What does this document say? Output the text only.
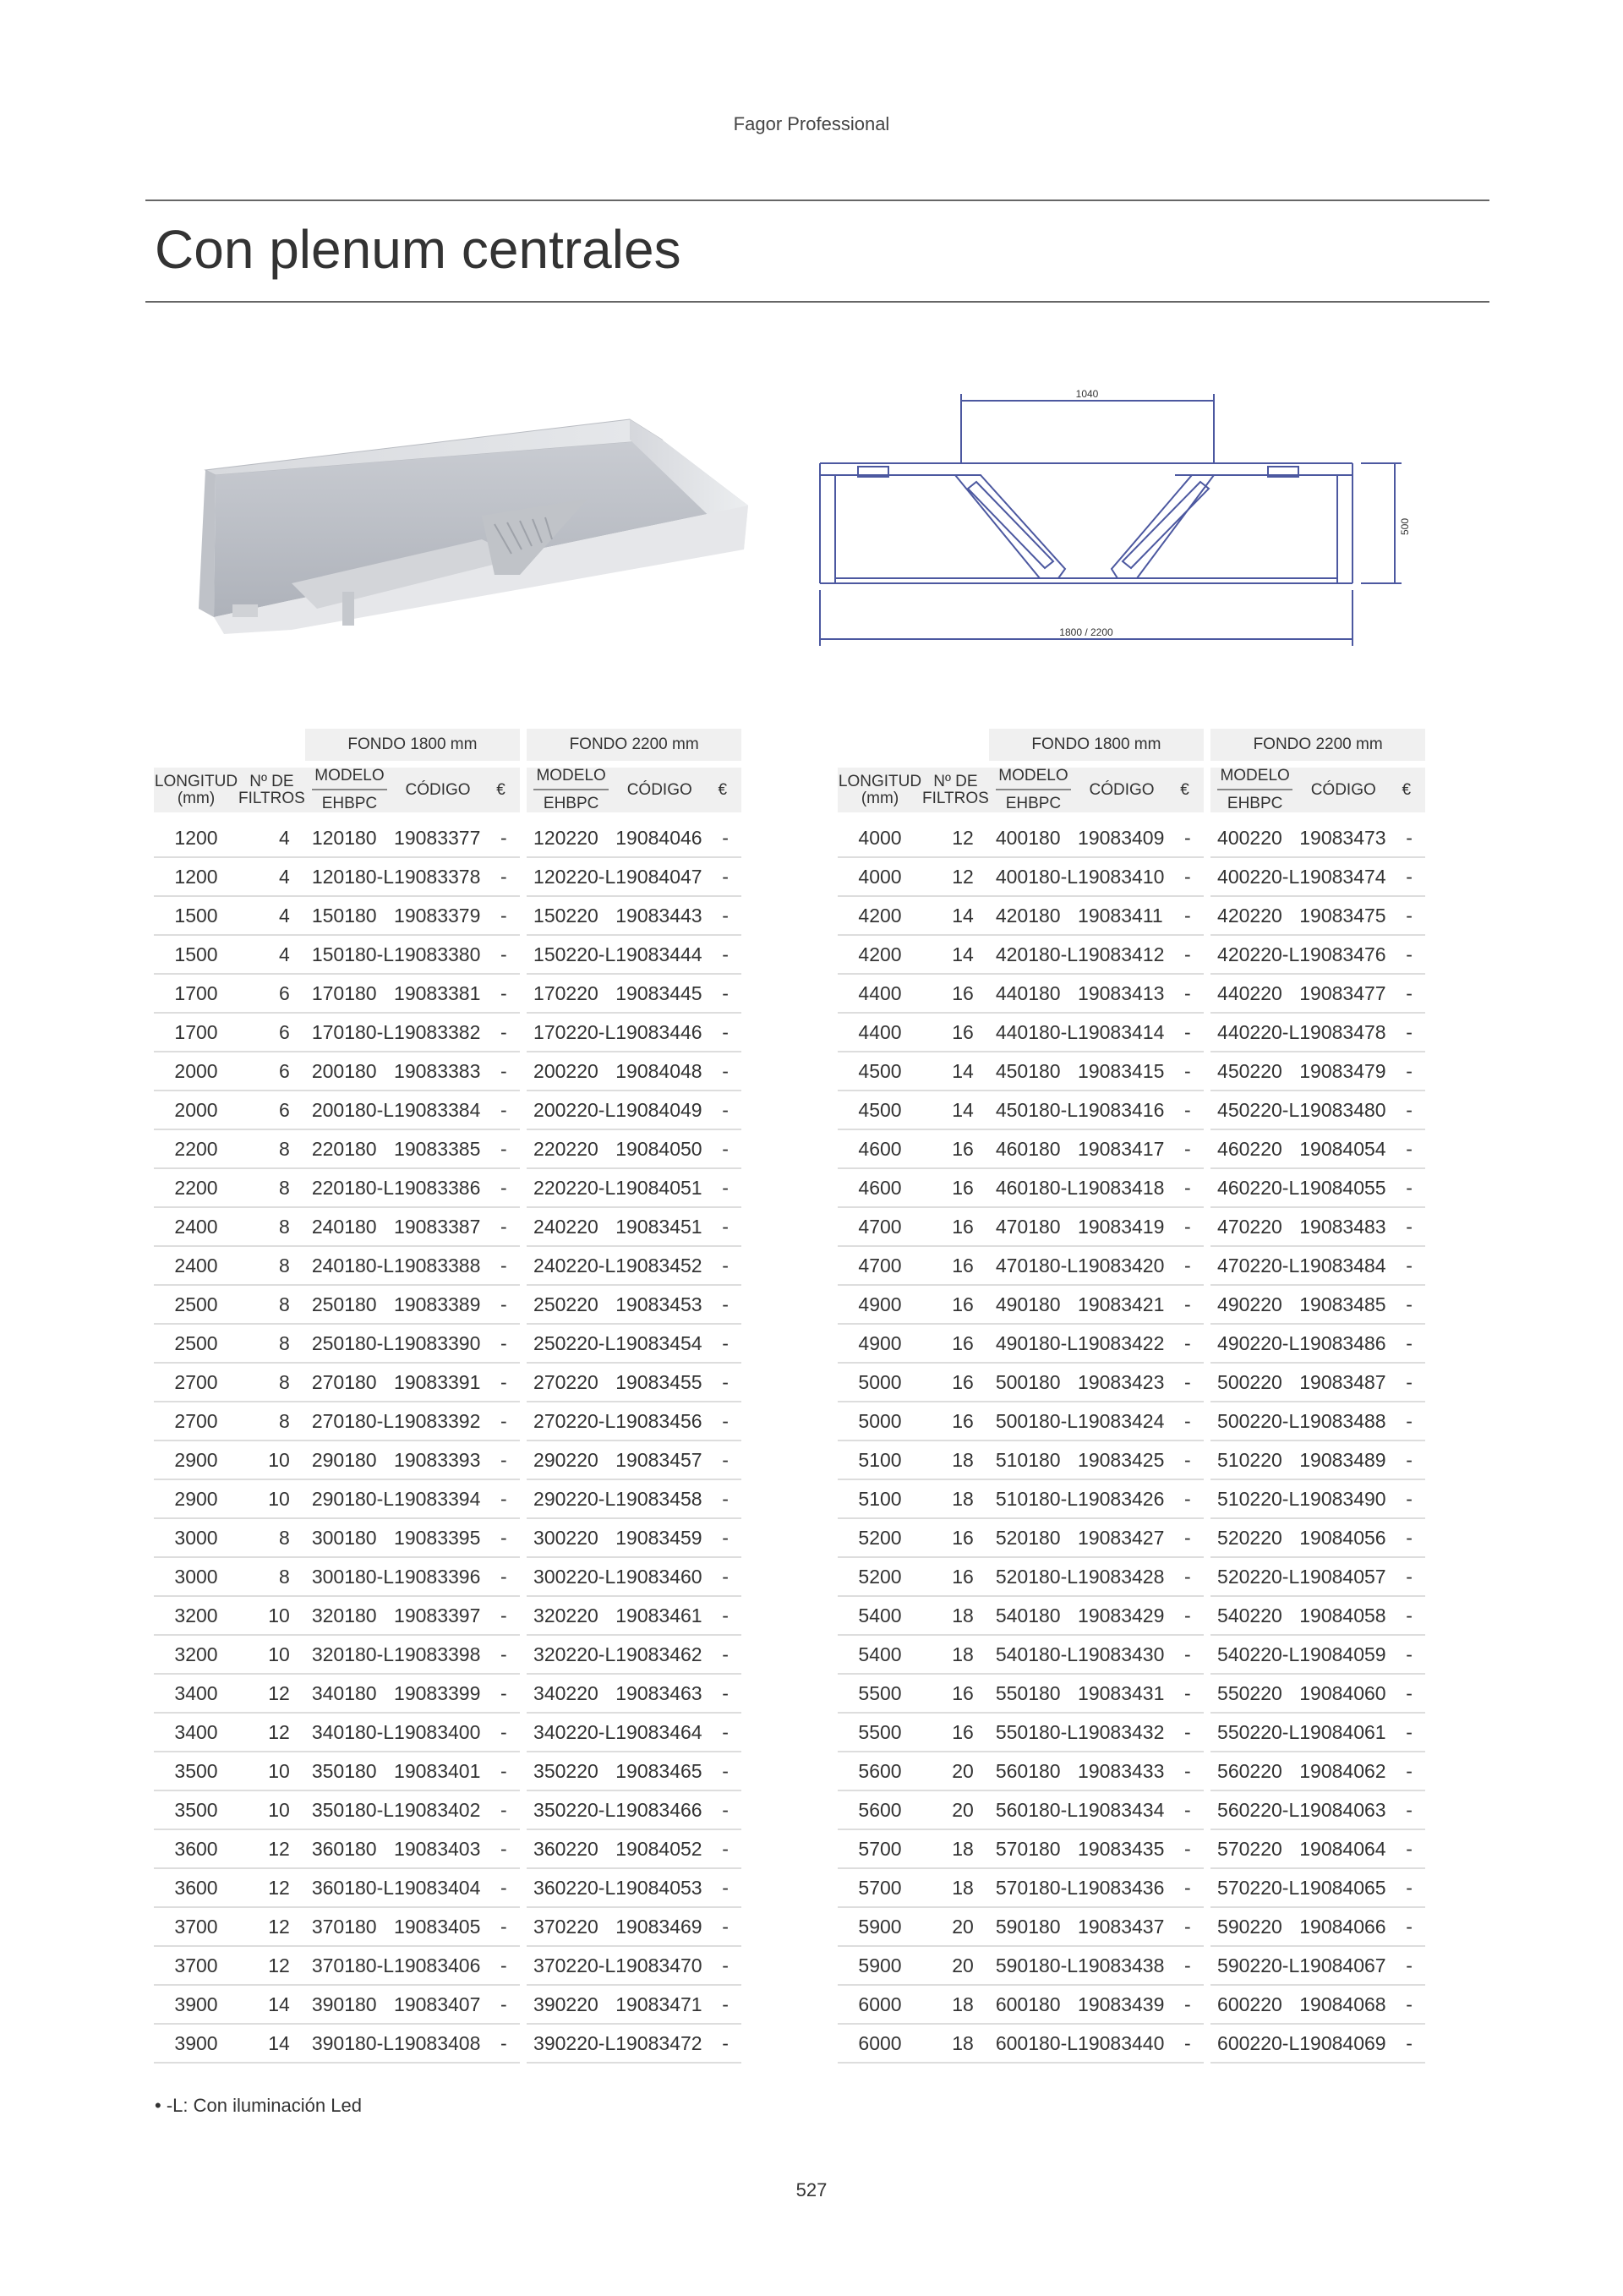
Fagor Professional
Con plenum centrales
1040
500
1800 / 2200
		FONDO 1800 mm				FONDO 2200 mm		

LONGITUD
(mm)	Nº DE
FILTROS	MODELO
EHBPC	CÓDIGO	€		MODELO
EHBPC	CÓDIGO	€

1200	4	120180	19083377	-		120220	19084046	-
1200	4	120180-L	19083378	-		120220-L	19084047	-
1500	4	150180	19083379	-		150220	19083443	-
1500	4	150180-L	19083380	-		150220-L	19083444	-
1700	6	170180	19083381	-		170220	19083445	-
1700	6	170180-L	19083382	-		170220-L	19083446	-
2000	6	200180	19083383	-		200220	19084048	-
2000	6	200180-L	19083384	-		200220-L	19084049	-
2200	8	220180	19083385	-		220220	19084050	-
2200	8	220180-L	19083386	-		220220-L	19084051	-
2400	8	240180	19083387	-		240220	19083451	-
2400	8	240180-L	19083388	-		240220-L	19083452	-
2500	8	250180	19083389	-		250220	19083453	-
2500	8	250180-L	19083390	-		250220-L	19083454	-
2700	8	270180	19083391	-		270220	19083455	-
2700	8	270180-L	19083392	-		270220-L	19083456	-
2900	10	290180	19083393	-		290220	19083457	-
2900	10	290180-L	19083394	-		290220-L	19083458	-
3000	8	300180	19083395	-		300220	19083459	-
3000	8	300180-L	19083396	-		300220-L	19083460	-
3200	10	320180	19083397	-		320220	19083461	-
3200	10	320180-L	19083398	-		320220-L	19083462	-
3400	12	340180	19083399	-		340220	19083463	-
3400	12	340180-L	19083400	-		340220-L	19083464	-
3500	10	350180	19083401	-		350220	19083465	-
3500	10	350180-L	19083402	-		350220-L	19083466	-
3600	12	360180	19083403	-		360220	19084052	-
3600	12	360180-L	19083404	-		360220-L	19084053	-
3700	12	370180	19083405	-		370220	19083469	-
3700	12	370180-L	19083406	-		370220-L	19083470	-
3900	14	390180	19083407	-		390220	19083471	-
3900	14	390180-L	19083408	-		390220-L	19083472	-
		FONDO 1800 mm				FONDO 2200 mm		

LONGITUD
(mm)	Nº DE
FILTROS	MODELO
EHBPC	CÓDIGO	€		MODELO
EHBPC	CÓDIGO	€

4000	12	400180	19083409	-		400220	19083473	-
4000	12	400180-L	19083410	-		400220-L	19083474	-
4200	14	420180	19083411	-		420220	19083475	-
4200	14	420180-L	19083412	-		420220-L	19083476	-
4400	16	440180	19083413	-		440220	19083477	-
4400	16	440180-L	19083414	-		440220-L	19083478	-
4500	14	450180	19083415	-		450220	19083479	-
4500	14	450180-L	19083416	-		450220-L	19083480	-
4600	16	460180	19083417	-		460220	19084054	-
4600	16	460180-L	19083418	-		460220-L	19084055	-
4700	16	470180	19083419	-		470220	19083483	-
4700	16	470180-L	19083420	-		470220-L	19083484	-
4900	16	490180	19083421	-		490220	19083485	-
4900	16	490180-L	19083422	-		490220-L	19083486	-
5000	16	500180	19083423	-		500220	19083487	-
5000	16	500180-L	19083424	-		500220-L	19083488	-
5100	18	510180	19083425	-		510220	19083489	-
5100	18	510180-L	19083426	-		510220-L	19083490	-
5200	16	520180	19083427	-		520220	19084056	-
5200	16	520180-L	19083428	-		520220-L	19084057	-
5400	18	540180	19083429	-		540220	19084058	-
5400	18	540180-L	19083430	-		540220-L	19084059	-
5500	16	550180	19083431	-		550220	19084060	-
5500	16	550180-L	19083432	-		550220-L	19084061	-
5600	20	560180	19083433	-		560220	19084062	-
5600	20	560180-L	19083434	-		560220-L	19084063	-
5700	18	570180	19083435	-		570220	19084064	-
5700	18	570180-L	19083436	-		570220-L	19084065	-
5900	20	590180	19083437	-		590220	19084066	-
5900	20	590180-L	19083438	-		590220-L	19084067	-
6000	18	600180	19083439	-		600220	19084068	-
6000	18	600180-L	19083440	-		600220-L	19084069	-
• -L: Con iluminación Led
527
